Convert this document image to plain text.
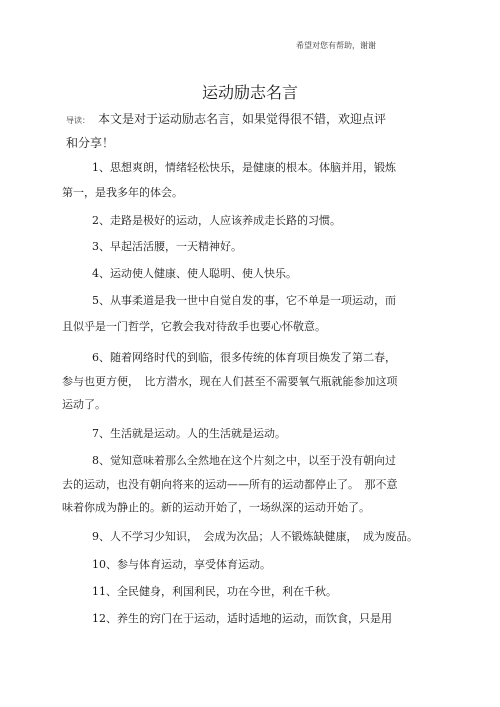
希望对您有帮助，谢谢
运动励志名言
导读： 本文是对于运动励志名言，如果觉得很不错，欢迎点评
和分享！
1、思想爽朗，情绪轻松快乐，是健康的根本。体脑并用，锻炼
第一，是我多年的体会。
2、走路是极好的运动，人应该养成走长路的习惯。
3、早起活活腰，一天精神好。
4、运动使人健康、使人聪明、使人快乐。
5、从事柔道是我一世中自觉自发的事，它不单是一项运动，而
且似乎是一门哲学，它教会我对待敌手也要心怀敬意。
6、随着网络时代的到临，很多传统的体育项目焕发了第二春，
参与也更方便，　比方潜水，现在人们甚至不需要氧气瓶就能参加这项
运动了。
7、生活就是运动。人的生活就是运动。
8、觉知意味着那么全然地在这个片刻之中，以至于没有朝向过
去的运动，也没有朝向将来的运动——所有的运动都停止了。　那不意
味着你成为静止的。新的运动开始了，一场纵深的运动开始了。
9、人不学习少知识，　会成为次品；人不锻炼缺健康，　成为废品。
10、参与体育运动，享受体育运动。
11、全民健身，利国利民，功在今世，利在千秋。
12、养生的窍门在于运动，适时适地的运动，而饮食，只是用
